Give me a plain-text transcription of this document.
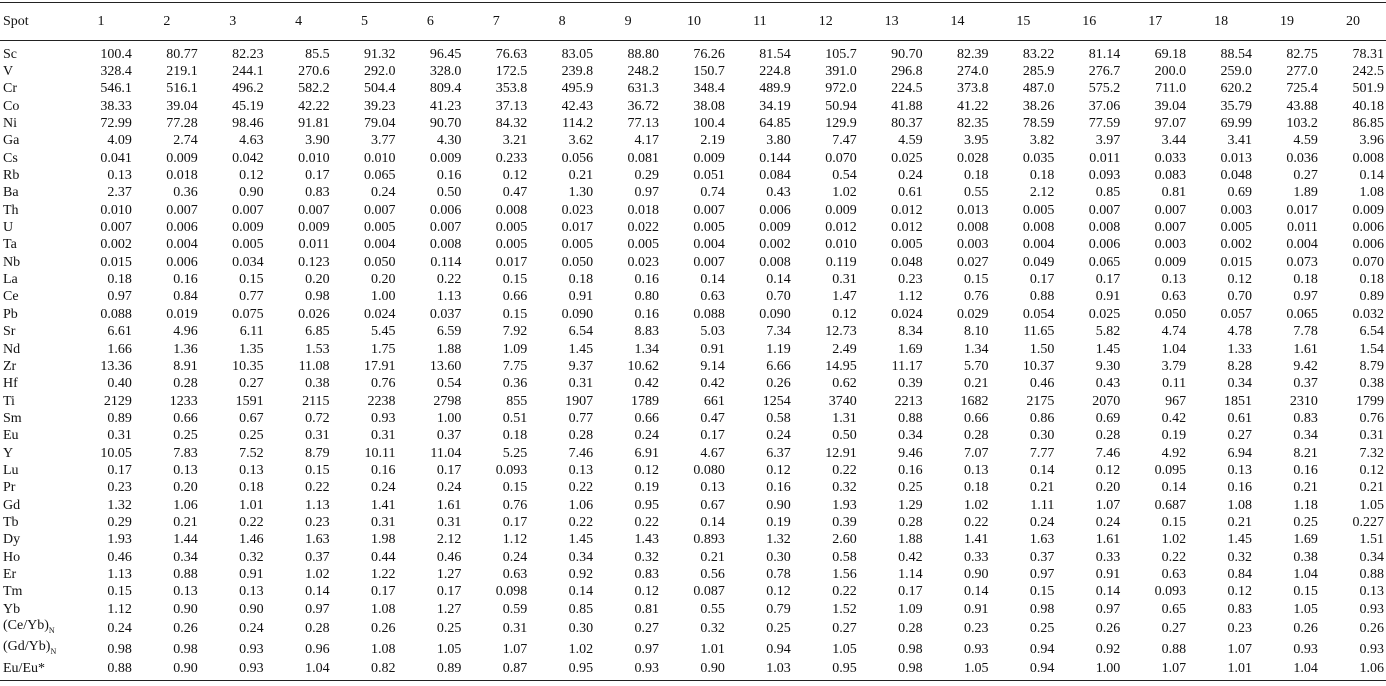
Spot	1	2	3	4	5	6	7	8	9	10	11	12	13	14	15	16	17	18	19	20
Sc	100.4	80.77	82.23	85.5	91.32	96.45	76.63	83.05	88.80	76.26	81.54	105.7	90.70	82.39	83.22	81.14	69.18	88.54	82.75	78.31
V	328.4	219.1	244.1	270.6	292.0	328.0	172.5	239.8	248.2	150.7	224.8	391.0	296.8	274.0	285.9	276.7	200.0	259.0	277.0	242.5
Cr	546.1	516.1	496.2	582.2	504.4	809.4	353.8	495.9	631.3	348.4	489.9	972.0	224.5	373.8	487.0	575.2	711.0	620.2	725.4	501.9
Co	38.33	39.04	45.19	42.22	39.23	41.23	37.13	42.43	36.72	38.08	34.19	50.94	41.88	41.22	38.26	37.06	39.04	35.79	43.88	40.18
Ni	72.99	77.28	98.46	91.81	79.04	90.70	84.32	114.2	77.13	100.4	64.85	129.9	80.37	82.35	78.59	77.59	97.07	69.99	103.2	86.85
Ga	4.09	2.74	4.63	3.90	3.77	4.30	3.21	3.62	4.17	2.19	3.80	7.47	4.59	3.95	3.82	3.97	3.44	3.41	4.59	3.96
Cs	0.041	0.009	0.042	0.010	0.010	0.009	0.233	0.056	0.081	0.009	0.144	0.070	0.025	0.028	0.035	0.011	0.033	0.013	0.036	0.008
Rb	0.13	0.018	0.12	0.17	0.065	0.16	0.12	0.21	0.29	0.051	0.084	0.54	0.24	0.18	0.18	0.093	0.083	0.048	0.27	0.14
Ba	2.37	0.36	0.90	0.83	0.24	0.50	0.47	1.30	0.97	0.74	0.43	1.02	0.61	0.55	2.12	0.85	0.81	0.69	1.89	1.08
Th	0.010	0.007	0.007	0.007	0.007	0.006	0.008	0.023	0.018	0.007	0.006	0.009	0.012	0.013	0.005	0.007	0.007	0.003	0.017	0.009
U	0.007	0.006	0.009	0.009	0.005	0.007	0.005	0.017	0.022	0.005	0.009	0.012	0.012	0.008	0.008	0.008	0.007	0.005	0.011	0.006
Ta	0.002	0.004	0.005	0.011	0.004	0.008	0.005	0.005	0.005	0.004	0.002	0.010	0.005	0.003	0.004	0.006	0.003	0.002	0.004	0.006
Nb	0.015	0.006	0.034	0.123	0.050	0.114	0.017	0.050	0.023	0.007	0.008	0.119	0.048	0.027	0.049	0.065	0.009	0.015	0.073	0.070
La	0.18	0.16	0.15	0.20	0.20	0.22	0.15	0.18	0.16	0.14	0.14	0.31	0.23	0.15	0.17	0.17	0.13	0.12	0.18	0.18
Ce	0.97	0.84	0.77	0.98	1.00	1.13	0.66	0.91	0.80	0.63	0.70	1.47	1.12	0.76	0.88	0.91	0.63	0.70	0.97	0.89
Pb	0.088	0.019	0.075	0.026	0.024	0.037	0.15	0.090	0.16	0.088	0.090	0.12	0.024	0.029	0.054	0.025	0.050	0.057	0.065	0.032
Sr	6.61	4.96	6.11	6.85	5.45	6.59	7.92	6.54	8.83	5.03	7.34	12.73	8.34	8.10	11.65	5.82	4.74	4.78	7.78	6.54
Nd	1.66	1.36	1.35	1.53	1.75	1.88	1.09	1.45	1.34	0.91	1.19	2.49	1.69	1.34	1.50	1.45	1.04	1.33	1.61	1.54
Zr	13.36	8.91	10.35	11.08	17.91	13.60	7.75	9.37	10.62	9.14	6.66	14.95	11.17	5.70	10.37	9.30	3.79	8.28	9.42	8.79
Hf	0.40	0.28	0.27	0.38	0.76	0.54	0.36	0.31	0.42	0.42	0.26	0.62	0.39	0.21	0.46	0.43	0.11	0.34	0.37	0.38
Ti	2129	1233	1591	2115	2238	2798	855	1907	1789	661	1254	3740	2213	1682	2175	2070	967	1851	2310	1799
Sm	0.89	0.66	0.67	0.72	0.93	1.00	0.51	0.77	0.66	0.47	0.58	1.31	0.88	0.66	0.86	0.69	0.42	0.61	0.83	0.76
Eu	0.31	0.25	0.25	0.31	0.31	0.37	0.18	0.28	0.24	0.17	0.24	0.50	0.34	0.28	0.30	0.28	0.19	0.27	0.34	0.31
Y	10.05	7.83	7.52	8.79	10.11	11.04	5.25	7.46	6.91	4.67	6.37	12.91	9.46	7.07	7.77	7.46	4.92	6.94	8.21	7.32
Lu	0.17	0.13	0.13	0.15	0.16	0.17	0.093	0.13	0.12	0.080	0.12	0.22	0.16	0.13	0.14	0.12	0.095	0.13	0.16	0.12
Pr	0.23	0.20	0.18	0.22	0.24	0.24	0.15	0.22	0.19	0.13	0.16	0.32	0.25	0.18	0.21	0.20	0.14	0.16	0.21	0.21
Gd	1.32	1.06	1.01	1.13	1.41	1.61	0.76	1.06	0.95	0.67	0.90	1.93	1.29	1.02	1.11	1.07	0.687	1.08	1.18	1.05
Tb	0.29	0.21	0.22	0.23	0.31	0.31	0.17	0.22	0.22	0.14	0.19	0.39	0.28	0.22	0.24	0.24	0.15	0.21	0.25	0.227
Dy	1.93	1.44	1.46	1.63	1.98	2.12	1.12	1.45	1.43	0.893	1.32	2.60	1.88	1.41	1.63	1.61	1.02	1.45	1.69	1.51
Ho	0.46	0.34	0.32	0.37	0.44	0.46	0.24	0.34	0.32	0.21	0.30	0.58	0.42	0.33	0.37	0.33	0.22	0.32	0.38	0.34
Er	1.13	0.88	0.91	1.02	1.22	1.27	0.63	0.92	0.83	0.56	0.78	1.56	1.14	0.90	0.97	0.91	0.63	0.84	1.04	0.88
Tm	0.15	0.13	0.13	0.14	0.17	0.17	0.098	0.14	0.12	0.087	0.12	0.22	0.17	0.14	0.15	0.14	0.093	0.12	0.15	0.13
Yb	1.12	0.90	0.90	0.97	1.08	1.27	0.59	0.85	0.81	0.55	0.79	1.52	1.09	0.91	0.98	0.97	0.65	0.83	1.05	0.93
$(Ce/Yb)_N$	0.24	0.26	0.24	0.28	0.26	0.25	0.31	0.30	0.27	0.32	0.25	0.27	0.28	0.23	0.25	0.26	0.27	0.23	0.26	0.26
$(Gd/Yb)_N$	0.98	0.98	0.93	0.96	1.08	1.05	1.07	1.02	0.97	1.01	0.94	1.05	0.98	0.93	0.94	0.92	0.88	1.07	0.93	0.93
Eu/Eu*	0.88	0.90	0.93	1.04	0.82	0.89	0.87	0.95	0.93	0.90	1.03	0.95	0.98	1.05	0.94	1.00	1.07	1.01	1.04	1.06
